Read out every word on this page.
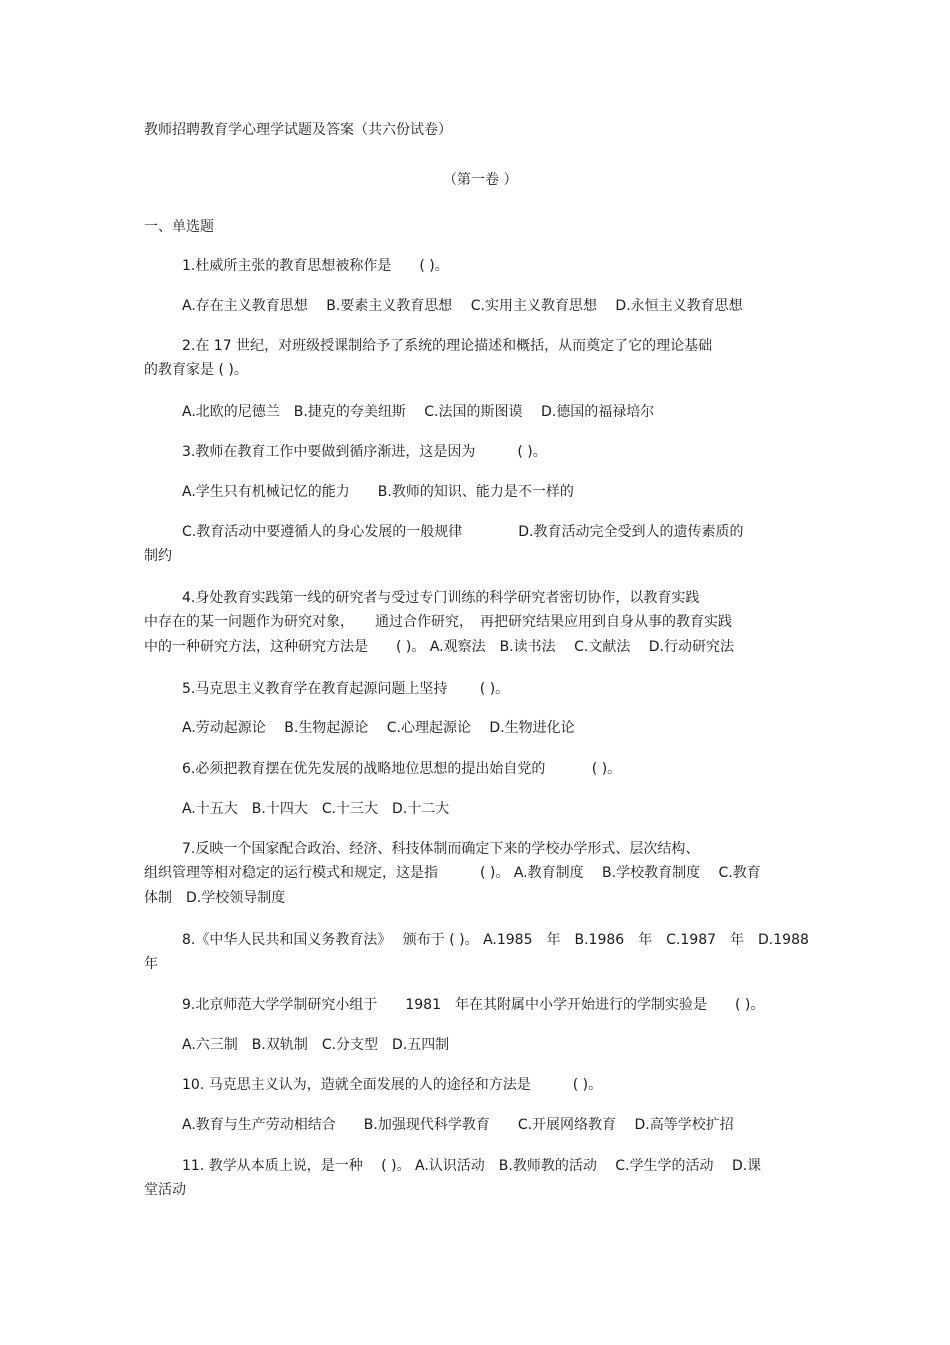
教师招聘教育学心理学试题及答案（共六份试卷）
（第一卷 ）
一、单选题
1.杜威所主张的教育思想被称作是　　( )。
A.存在主义教育思想　 B.要素主义教育思想　 C.实用主义教育思想　 D.永恒主义教育思想
2.在 17 世纪，对班级授课制给予了系统的理论描述和概括，从而奠定了它的理论基础
的教育家是 ( )。
A.北欧的尼德兰　B.捷克的夸美纽斯　 C.法国的斯图谟　 D.德国的福禄培尔
3.教师在教育工作中要做到循序渐进，这是因为　　　( )。
A.学生只有机械记忆的能力　　B.教师的知识、能力是不一样的
C.教育活动中要遵循人的身心发展的一般规律　　　　D.教育活动完全受到人的遗传素质的
制约
4.身处教育实践第一线的研究者与受过专门训练的科学研究者密切协作，以教育实践
中存在的某一问题作为研究对象，　　通过合作研究，　再把研究结果应用到自身从事的教育实践
中的一种研究方法，这种研究方法是　　( )。 A.观察法　B.读书法　 C.文献法　 D.行动研究法
5.马克思主义教育学在教育起源问题上坚持　　 ( )。
A.劳动起源论　 B.生物起源论　 C.心理起源论　 D.生物进化论
6.必须把教育摆在优先发展的战略地位思想的提出始自党的　　　 ( )。
A.十五大　B.十四大　C.十三大　D.十二大
7.反映一个国家配合政治、经济、科技体制而确定下来的学校办学形式、层次结构、
组织管理等相对稳定的运行模式和规定，这是指　　　( )。 A.教育制度　 B.学校教育制度　 C.教育
体制　D.学校领导制度
8.《中华人民共和国义务教育法》　 颁布于 ( )。 A.1985　年　B.1986　年　C.1987　年　D.1988
年
9.北京师范大学学制研究小组于　　1981　年在其附属中小学开始进行的学制实验是　　( )。
A.六三制　B.双轨制　C.分支型　D.五四制
10. 马克思主义认为，造就全面发展的人的途径和方法是　　　( )。
A.教育与生产劳动相结合　　B.加强现代科学教育　　C.开展网络教育　 D.高等学校扩招
11. 教学从本质上说，是一种　 ( )。 A.认识活动　B.教师教的活动　 C.学生学的活动　 D.课
堂活动
